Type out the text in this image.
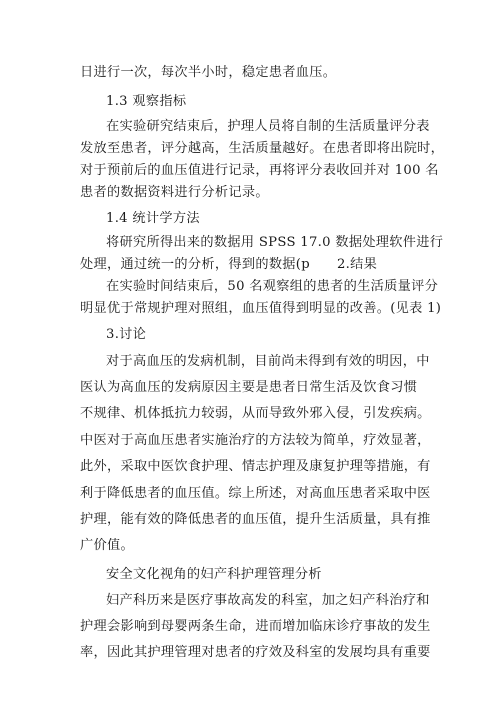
日进行一次，每次半小时，稳定患者血压。
1.3 观察指标
在实验研究结束后，护理人员将自制的生活质量评分表
发放至患者，评分越高，生活质量越好。在患者即将出院时，
对于预前后的血压值进行记录，再将评分表收回并对 100 名
患者的数据资料进行分析记录。
1.4 统计学方法
将研究所得出来的数据用 SPSS 17.0 数据处理软件进行
处理，通过统一的分析，得到的数据(p　　2.结果
在实验时间结束后，50 名观察组的患者的生活质量评分
明显优于常规护理对照组，血压值得到明显的改善。(见表 1)
3.讨论
对于高血压的发病机制，目前尚未得到有效的明因，中
医认为高血压的发病原因主要是患者日常生活及饮食习惯
不规律、机体抵抗力较弱，从而导致外邪入侵，引发疾病。
中医对于高血压患者实施治疗的方法较为简单，疗效显著，
此外，采取中医饮食护理、情志护理及康复护理等措施，有
利于降低患者的血压值。综上所述，对高血压患者采取中医
护理，能有效的降低患者的血压值，提升生活质量，具有推
广价值。
安全文化视角的妇产科护理管理分析
妇产科历来是医疗事故高发的科室，加之妇产科治疗和
护理会影响到母婴两条生命，进而增加临床诊疗事故的发生
率，因此其护理管理对患者的疗效及科室的发展均具有重要
